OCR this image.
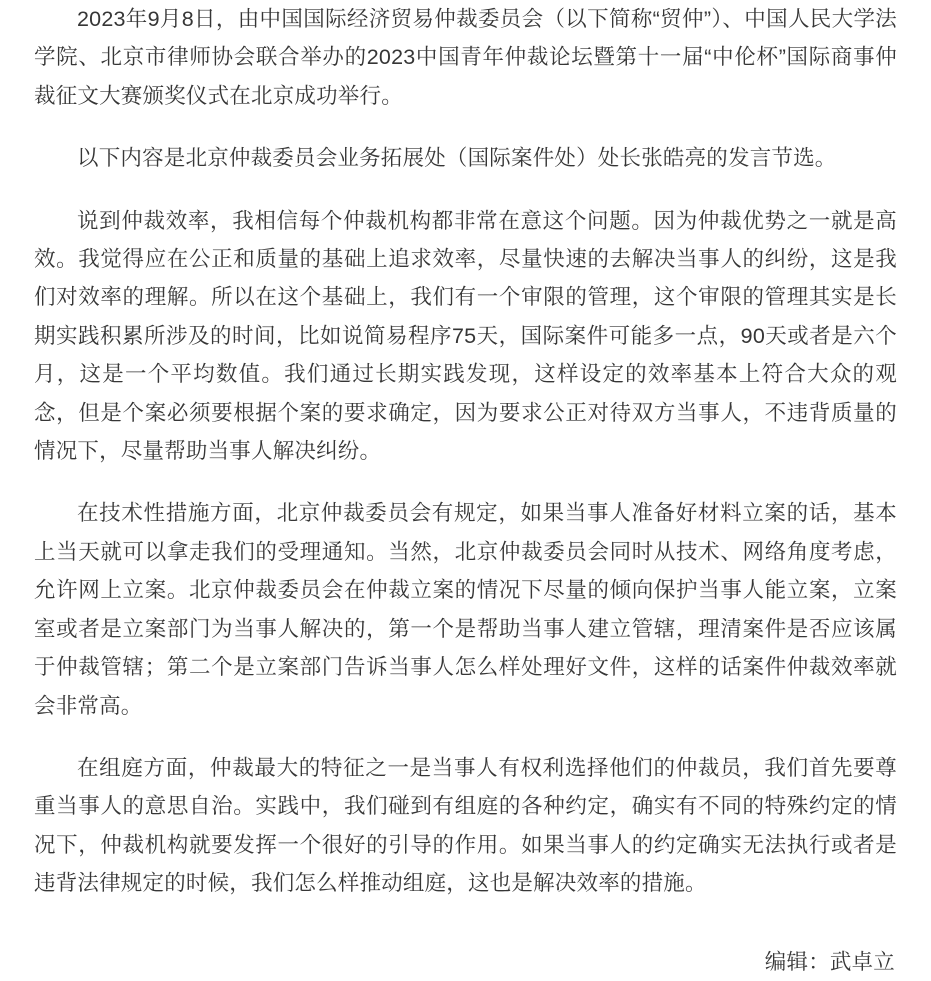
2023年9月8日，由中国国际经济贸易仲裁委员会（以下简称“贸仲”）、中国人民大学法学院、北京市律师协会联合举办的2023中国青年仲裁论坛暨第十一届“中伦杯”国际商事仲裁征文大赛颁奖仪式在北京成功举行。

以下内容是北京仲裁委员会业务拓展处（国际案件处）处长张皓亮的发言节选。

说到仲裁效率，我相信每个仲裁机构都非常在意这个问题。因为仲裁优势之一就是高效。我觉得应在公正和质量的基础上追求效率，尽量快速的去解决当事人的纠纷，这是我们对效率的理解。所以在这个基础上，我们有一个审限的管理，这个审限的管理其实是长期实践积累所涉及的时间，比如说简易程序75天，国际案件可能多一点，90天或者是六个月，这是一个平均数值。我们通过长期实践发现，这样设定的效率基本上符合大众的观念，但是个案必须要根据个案的要求确定，因为要求公正对待双方当事人，不违背质量的情况下，尽量帮助当事人解决纠纷。

在技术性措施方面，北京仲裁委员会有规定，如果当事人准备好材料立案的话，基本上当天就可以拿走我们的受理通知。当然，北京仲裁委员会同时从技术、网络角度考虑，允许网上立案。北京仲裁委员会在仲裁立案的情况下尽量的倾向保护当事人能立案，立案室或者是立案部门为当事人解决的，第一个是帮助当事人建立管辖，理清案件是否应该属于仲裁管辖；第二个是立案部门告诉当事人怎么样处理好文件，这样的话案件仲裁效率就会非常高。

在组庭方面，仲裁最大的特征之一是当事人有权利选择他们的仲裁员，我们首先要尊重当事人的意思自治。实践中，我们碰到有组庭的各种约定，确实有不同的特殊约定的情况下，仲裁机构就要发挥一个很好的引导的作用。如果当事人的约定确实无法执行或者是违背法律规定的时候，我们怎么样推动组庭，这也是解决效率的措施。

编辑：武卓立
